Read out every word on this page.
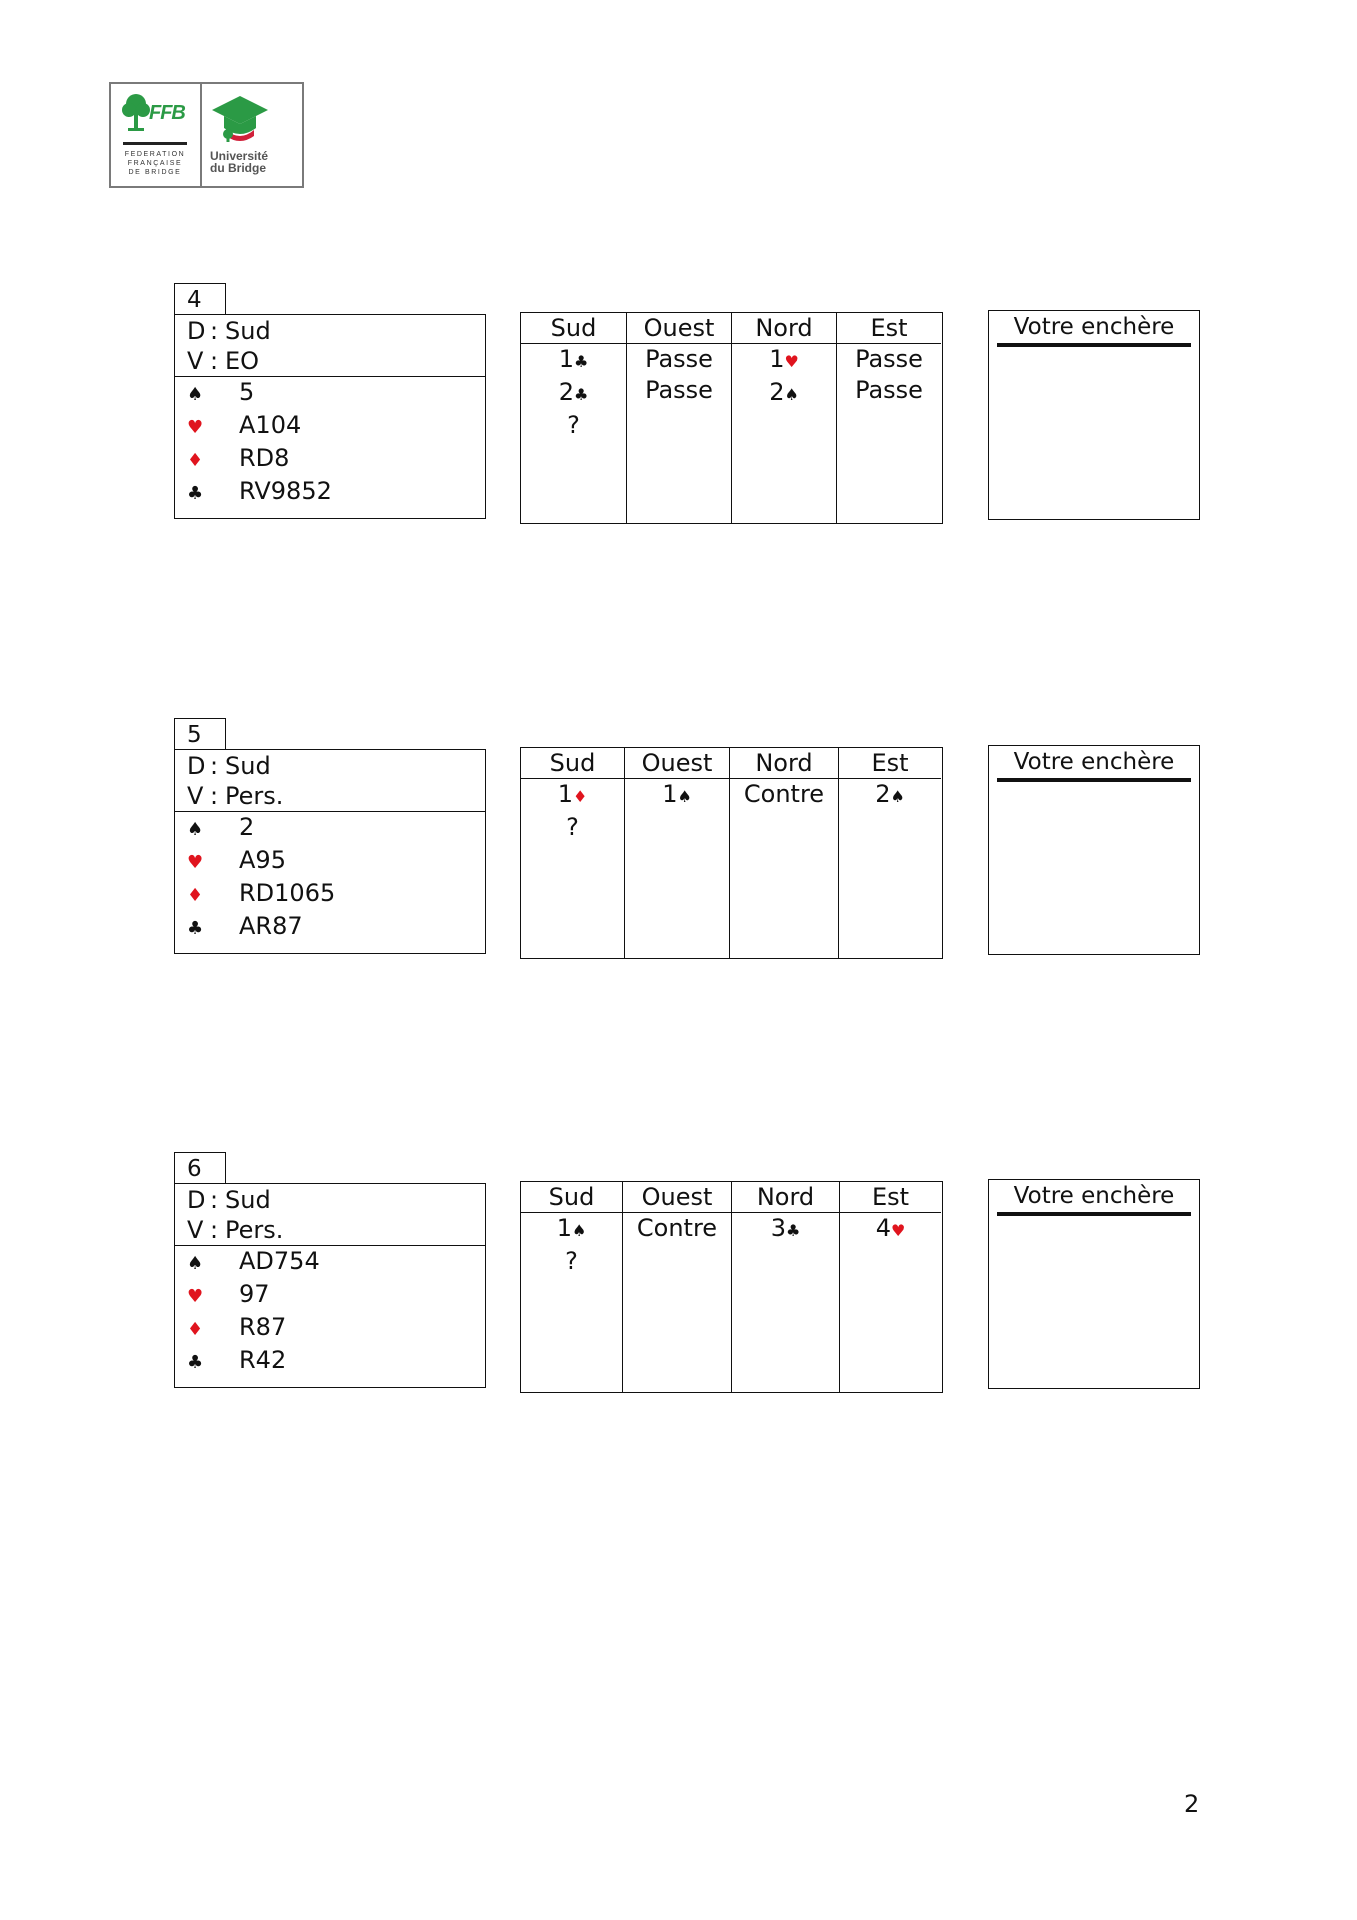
FFB
FEDERATION
FRANÇAISE
DE BRIDGE
Université
du Bridge
4
D : Sud
V : EO
♠ 5
♥ A104
♦ RD8
♣ RV9852
Sud
1♣
2♣
?
Ouest
Passe
Passe
Nord
1♥
2♠
Est
Passe
Passe
Votre enchère
5
D : Sud
V : Pers.
♠ 2
♥ A95
♦ RD1065
♣ AR87
Sud
1♦
?
Ouest
1♠
Nord
Contre
Est
2♠
Votre enchère
6
D : Sud
V : Pers.
♠ AD754
♥ 97
♦ R87
♣ R42
Sud
1♠
?
Ouest
Contre
Nord
3♣
Est
4♥
Votre enchère
2
